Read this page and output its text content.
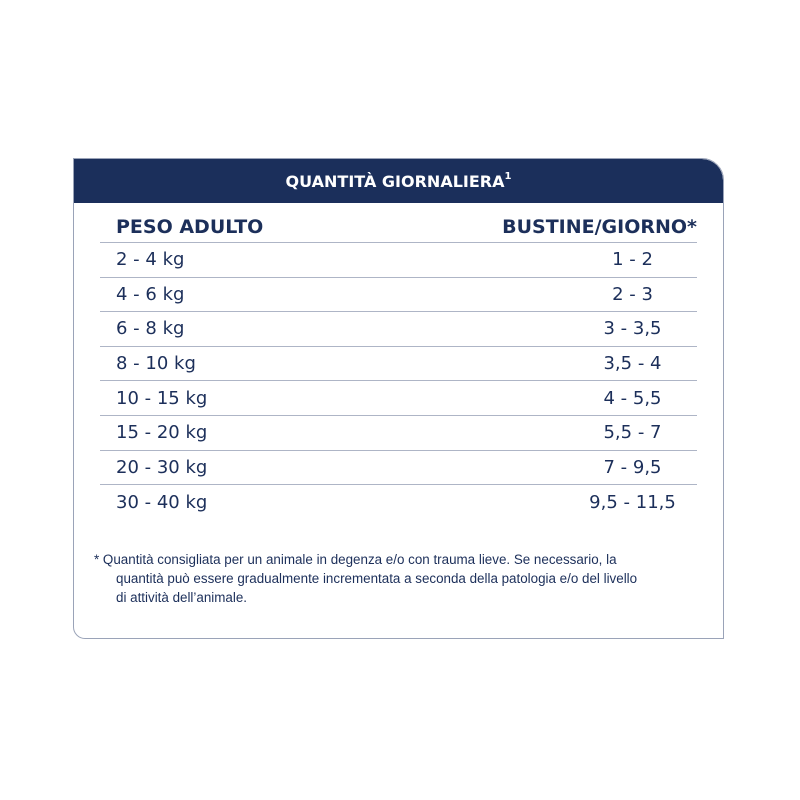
QUANTITÀ GIORNALIERA$^1$
PESO ADULTO	BUSTINE/GIORNO*
2 - 4 kg	1 - 2
4 - 6 kg	2 - 3
6 - 8 kg	3 - 3,5
8 - 10 kg	3,5 - 4
10 - 15 kg	4 - 5,5
15 - 20 kg	5,5 - 7
20 - 30 kg	7 - 9,5
30 - 40 kg	9,5 - 11,5
* Quantità consigliata per un animale in degenza e/o con trauma lieve. Se necessario, la
quantità può essere gradualmente incrementata a seconda della patologia e/o del livello
di attività dell’animale.
